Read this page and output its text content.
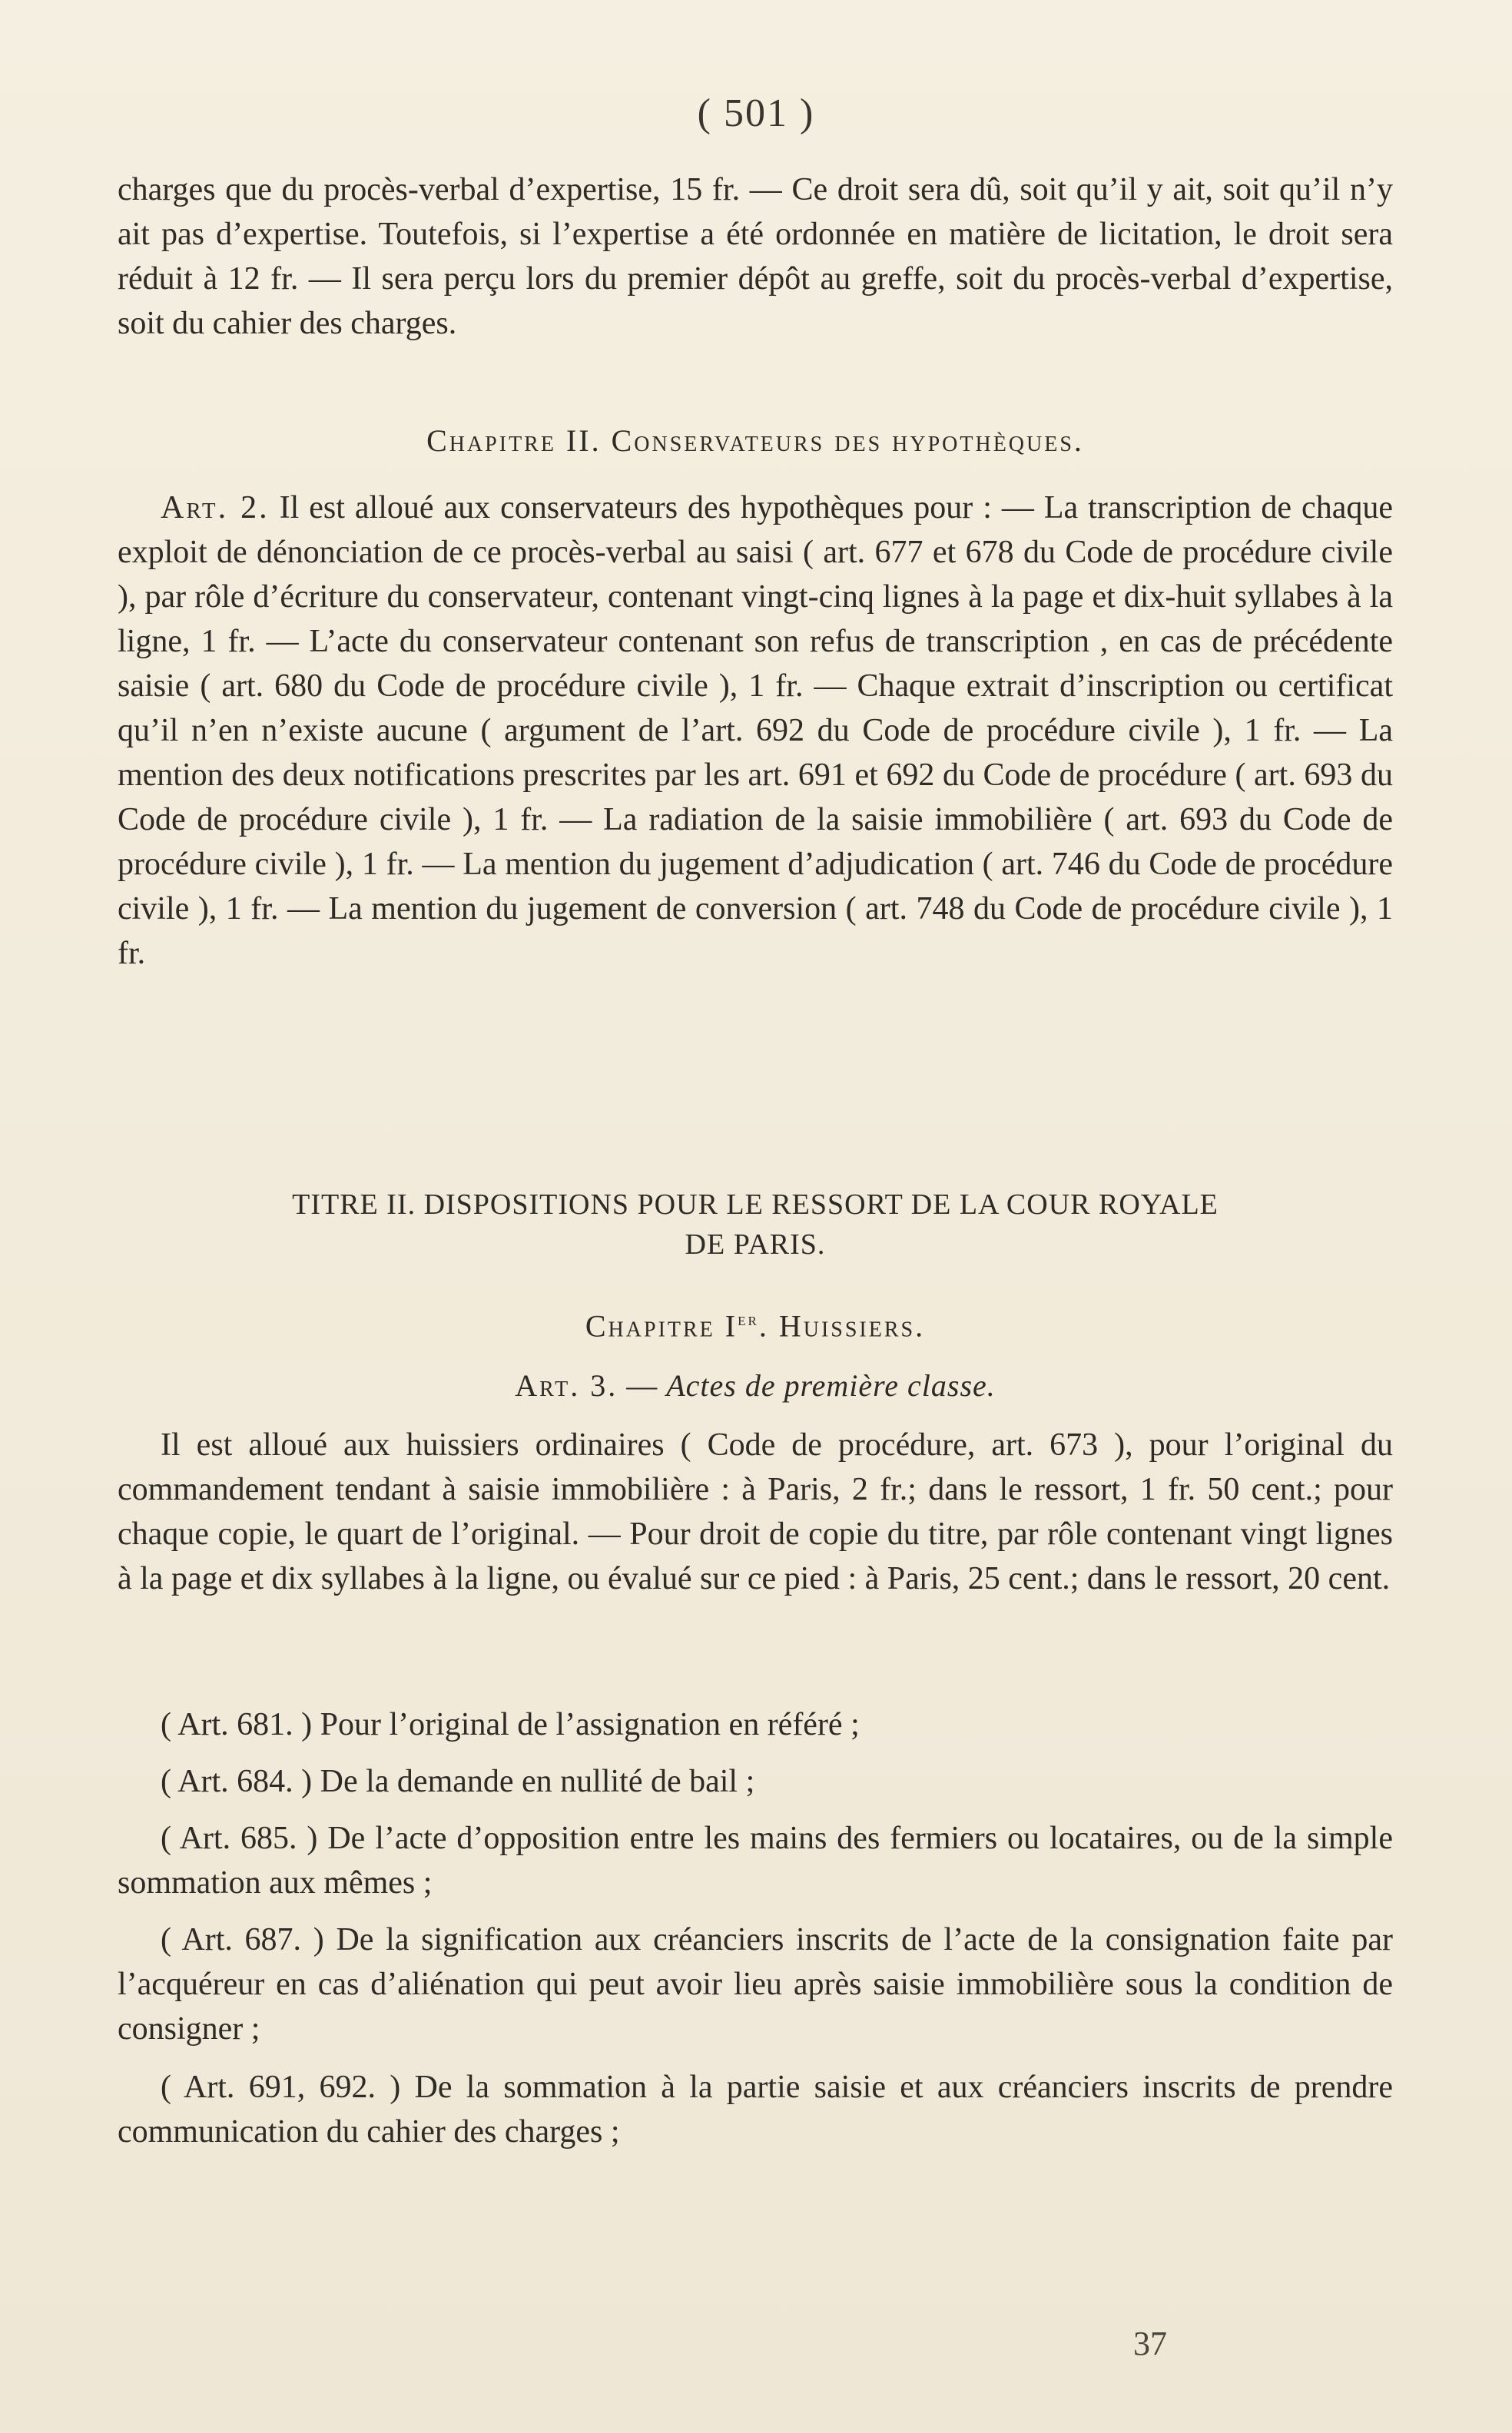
( 501 )

charges que du procès-verbal d’expertise, 15 fr. — Ce droit sera dû, soit qu’il y ait, soit qu’il n’y ait pas d’expertise. Toutefois, si l’expertise a été ordonnée en matière de licitation, le droit sera réduit à 12 fr. — Il sera perçu lors du premier dépôt au greffe, soit du procès-verbal d’expertise, soit du cahier des charges.

Chapitre II. Conservateurs des hypothèques.

Art. 2. Il est alloué aux conservateurs des hypothèques pour : — La transcription de chaque exploit de dénonciation de ce procès-verbal au saisi ( art. 677 et 678 du Code de procédure civile ), par rôle d’écriture du conservateur, contenant vingt-cinq lignes à la page et dix-huit syllabes à la ligne, 1 fr. — L’acte du conservateur contenant son refus de transcription , en cas de précédente saisie ( art. 680 du Code de procédure civile ), 1 fr. — Chaque extrait d’inscription ou certificat qu’il n’en n’existe aucune ( argument de l’art. 692 du Code de procédure civile ), 1 fr. — La mention des deux notifications prescrites par les art. 691 et 692 du Code de procédure ( art. 693 du Code de procédure civile ), 1 fr. — La radiation de la saisie immobilière ( art. 693 du Code de procédure civile ), 1 fr. — La mention du jugement d’adjudication ( art. 746 du Code de procédure civile ), 1 fr. — La mention du jugement de conversion ( art. 748 du Code de procédure civile ), 1 fr.

TITRE II. DISPOSITIONS POUR LE RESSORT DE LA COUR ROYALE

DE PARIS.

Chapitre Ier. Huissiers.

Art. 3. — Actes de première classe.

Il est alloué aux huissiers ordinaires ( Code de procédure, art. 673 ), pour l’original du commandement tendant à saisie immobilière : à Paris, 2 fr.; dans le ressort, 1 fr. 50 cent.; pour chaque copie, le quart de l’original. — Pour droit de copie du titre, par rôle contenant vingt lignes à la page et dix syllabes à la ligne, ou évalué sur ce pied : à Paris, 25 cent.; dans le ressort, 20 cent.

( Art. 681. ) Pour l’original de l’assignation en référé ;

( Art. 684. ) De la demande en nullité de bail ;

( Art. 685. ) De l’acte d’opposition entre les mains des fermiers ou locataires, ou de la simple sommation aux mêmes ;

( Art. 687. ) De la signification aux créanciers inscrits de l’acte de la consignation faite par l’acquéreur en cas d’aliénation qui peut avoir lieu après saisie immobilière sous la condition de consigner ;

( Art. 691, 692. ) De la sommation à la partie saisie et aux créanciers inscrits de prendre communication du cahier des charges ;

37
